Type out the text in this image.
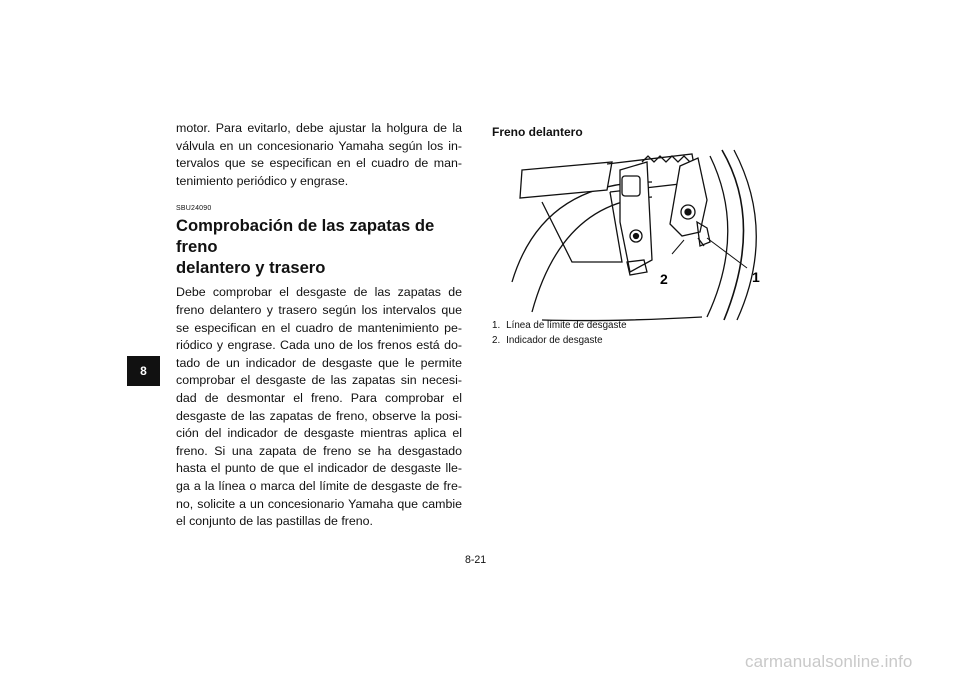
motor. Para evitarlo, debe ajustar la holgura de la válvula en un concesionario Yamaha según los in-tervalos que se especifican en el cuadro de man-tenimiento periódico y engrase.

SBU24090
Comprobación de las zapatas de freno
delantero y trasero

Debe comprobar el desgaste de las zapatas de freno delantero y trasero según los intervalos que se especifican en el cuadro de mantenimiento pe-riódico y engrase. Cada uno de los frenos está do-tado de un indicador de desgaste que le permite comprobar el desgaste de las zapatas sin necesi-dad de desmontar el freno. Para comprobar el desgaste de las zapatas de freno, observe la posi-ción del indicador de desgaste mientras aplica el freno. Si una zapata de freno se ha desgastado hasta el punto de que el indicador de desgaste lle-ga a la línea o marca del límite de desgaste de fre-no, solicite a un concesionario Yamaha que cambie el conjunto de las pastillas de freno.

8

Freno delantero

1
2
1. Línea de límite de desgaste
2. Indicador de desgaste
8-21
carmanualsonline.info
